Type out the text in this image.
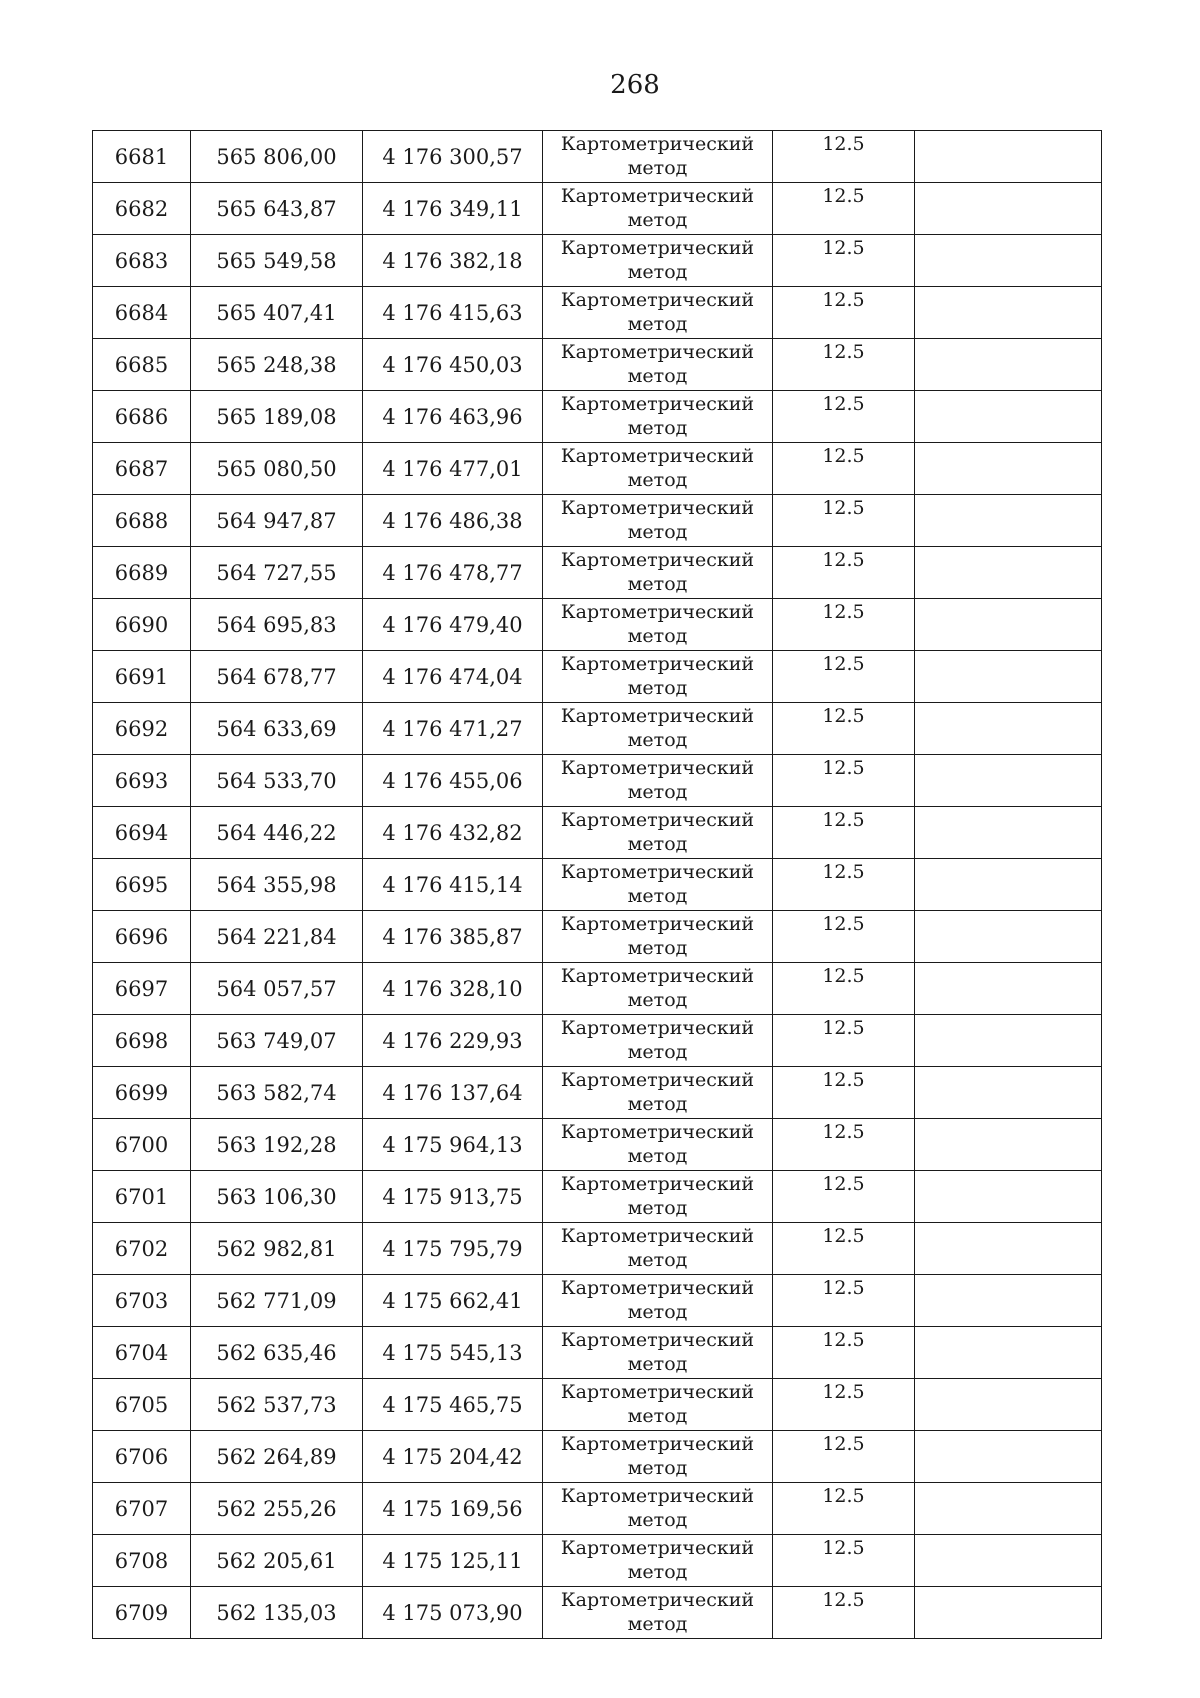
268
6681	565 806,00	4 176 300,57	Картометрический
метод	12.5	
6682	565 643,87	4 176 349,11	Картометрический
метод	12.5	
6683	565 549,58	4 176 382,18	Картометрический
метод	12.5	
6684	565 407,41	4 176 415,63	Картометрический
метод	12.5	
6685	565 248,38	4 176 450,03	Картометрический
метод	12.5	
6686	565 189,08	4 176 463,96	Картометрический
метод	12.5	
6687	565 080,50	4 176 477,01	Картометрический
метод	12.5	
6688	564 947,87	4 176 486,38	Картометрический
метод	12.5	
6689	564 727,55	4 176 478,77	Картометрический
метод	12.5	
6690	564 695,83	4 176 479,40	Картометрический
метод	12.5	
6691	564 678,77	4 176 474,04	Картометрический
метод	12.5	
6692	564 633,69	4 176 471,27	Картометрический
метод	12.5	
6693	564 533,70	4 176 455,06	Картометрический
метод	12.5	
6694	564 446,22	4 176 432,82	Картометрический
метод	12.5	
6695	564 355,98	4 176 415,14	Картометрический
метод	12.5	
6696	564 221,84	4 176 385,87	Картометрический
метод	12.5	
6697	564 057,57	4 176 328,10	Картометрический
метод	12.5	
6698	563 749,07	4 176 229,93	Картометрический
метод	12.5	
6699	563 582,74	4 176 137,64	Картометрический
метод	12.5	
6700	563 192,28	4 175 964,13	Картометрический
метод	12.5	
6701	563 106,30	4 175 913,75	Картометрический
метод	12.5	
6702	562 982,81	4 175 795,79	Картометрический
метод	12.5	
6703	562 771,09	4 175 662,41	Картометрический
метод	12.5	
6704	562 635,46	4 175 545,13	Картометрический
метод	12.5	
6705	562 537,73	4 175 465,75	Картометрический
метод	12.5	
6706	562 264,89	4 175 204,42	Картометрический
метод	12.5	
6707	562 255,26	4 175 169,56	Картометрический
метод	12.5	
6708	562 205,61	4 175 125,11	Картометрический
метод	12.5	
6709	562 135,03	4 175 073,90	Картометрический
метод	12.5	
